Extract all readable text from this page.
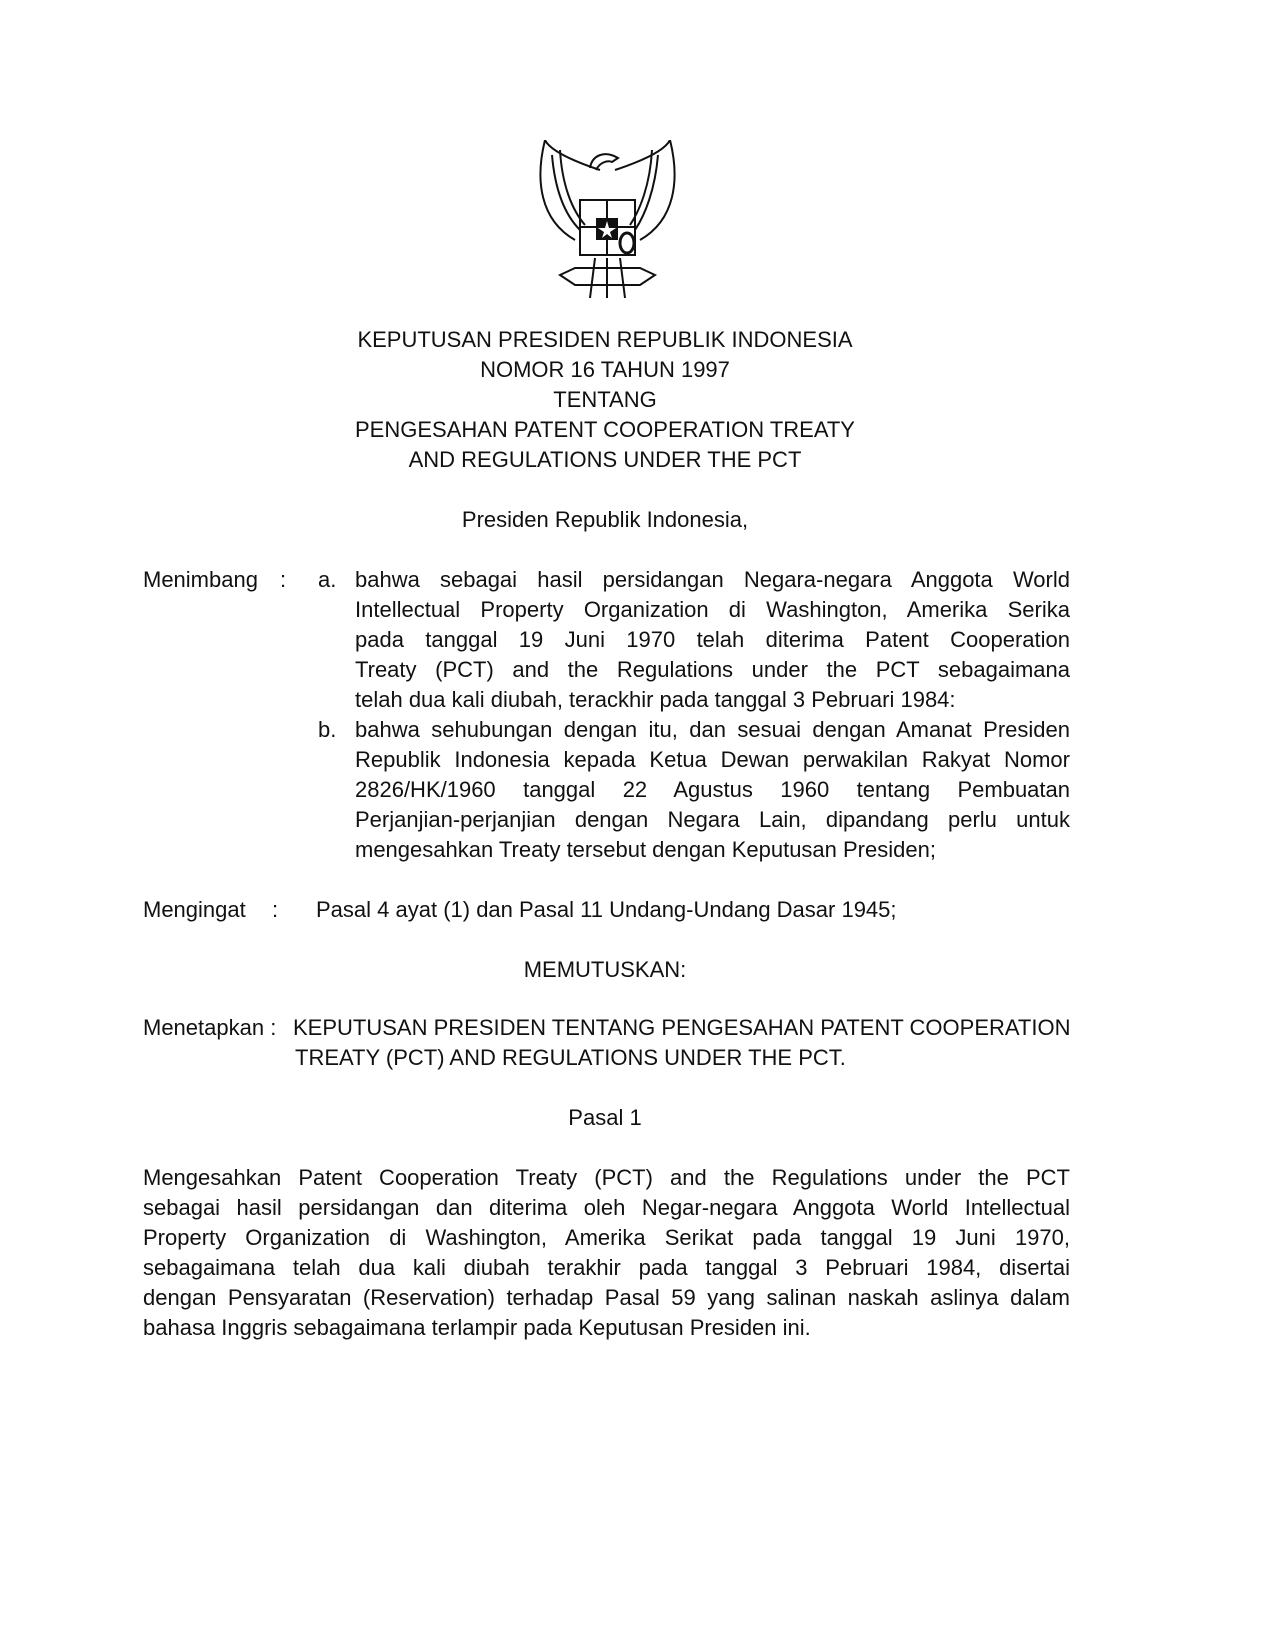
KEPUTUSAN PRESIDEN REPUBLIK INDONESIA
NOMOR 16 TAHUN 1997
TENTANG
PENGESAHAN PATENT COOPERATION TREATY
AND REGULATIONS UNDER THE PCT
Presiden Republik Indonesia,
Menimbang : a. bahwa sebagai hasil persidangan Negara-negara Anggota World
Intellectual Property Organization di Washington, Amerika Serika
pada tanggal 19 Juni 1970 telah diterima Patent Cooperation
Treaty (PCT) and the Regulations under the PCT sebagaimana
telah dua kali diubah, terackhir pada tanggal 3 Pebruari 1984:
b. bahwa sehubungan dengan itu, dan sesuai dengan Amanat Presiden
Republik Indonesia kepada Ketua Dewan perwakilan Rakyat Nomor
2826/HK/1960 tanggal 22 Agustus 1960 tentang Pembuatan
Perjanjian-perjanjian dengan Negara Lain, dipandang perlu untuk
mengesahkan Treaty tersebut dengan Keputusan Presiden;
Mengingat : Pasal 4 ayat (1) dan Pasal 11 Undang-Undang Dasar 1945;
MEMUTUSKAN:
Menetapkan : KEPUTUSAN PRESIDEN TENTANG PENGESAHAN PATENT COOPERATION
TREATY (PCT) AND REGULATIONS UNDER THE PCT.
Pasal 1
Mengesahkan Patent Cooperation Treaty (PCT) and the Regulations under the PCT
sebagai hasil persidangan dan diterima oleh Negar-negara Anggota World Intellectual
Property Organization di Washington, Amerika Serikat pada tanggal 19 Juni 1970,
sebagaimana telah dua kali diubah terakhir pada tanggal 3 Pebruari 1984, disertai
dengan Pensyaratan (Reservation) terhadap Pasal 59 yang salinan naskah aslinya dalam
bahasa Inggris sebagaimana terlampir pada Keputusan Presiden ini.
